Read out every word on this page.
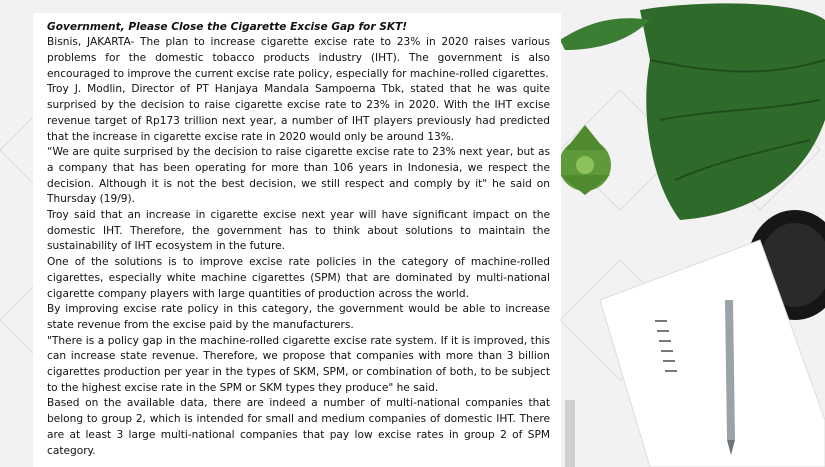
Government, Please Close the Cigarette Excise Gap for SKT!

Bisnis, JAKARTA- The plan to increase cigarette excise rate to 23% in 2020 raises various problems for the domestic tobacco products industry (IHT). The government is also encouraged to improve the current excise rate policy, especially for machine-rolled cigarettes.

Troy J. Modlin, Director of PT Hanjaya Mandala Sampoerna Tbk, stated that he was quite surprised by the decision to raise cigarette excise rate to 23% in 2020. With the IHT excise revenue target of Rp173 trillion next year, a number of IHT players previously had predicted that the increase in cigarette excise rate in 2020 would only be around 13%.

“We are quite surprised by the decision to raise cigarette excise rate to 23% next year, but as a company that has been operating for more than 106 years in Indonesia, we respect the decision. Although it is not the best decision, we still respect and comply by it" he said on Thursday (19/9).

Troy said that an increase in cigarette excise next year will have significant impact on the domestic IHT. Therefore, the government has to think about solutions to maintain the sustainability of IHT ecosystem in the future.

One of the solutions is to improve excise rate policies in the category of machine-rolled cigarettes, especially white machine cigarettes (SPM) that are dominated by multi-national cigarette company players with large quantities of production across the world.

By improving excise rate policy in this category, the government would be able to increase state revenue from the excise paid by the manufacturers.

"There is a policy gap in the machine-rolled cigarette excise rate system. If it is improved, this can increase state revenue. Therefore, we propose that companies with more than 3 billion cigarettes production per year in the types of SKM, SPM, or combination of both, to be subject to the highest excise rate in the SPM or SKM types they produce" he said.

Based on the available data, there are indeed a number of multi-national companies that belong to group 2, which is intended for small and medium companies of domestic IHT. There are at least 3 large multi-national companies that pay low excise rates in group 2 of SPM category.
